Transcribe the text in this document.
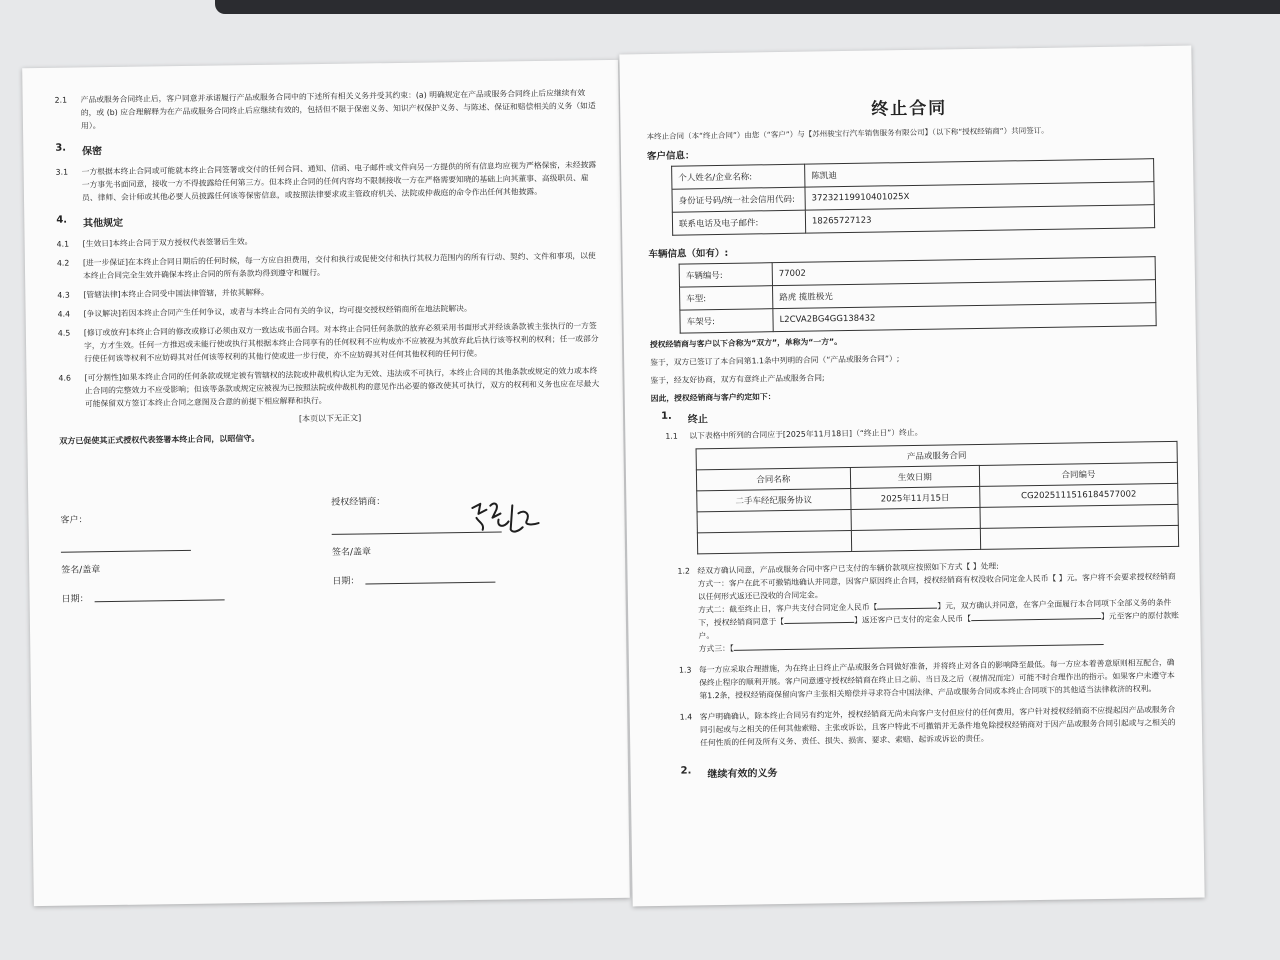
2.1	产品或服务合同终止后，客户同意并承诺履行产品或服务合同中的下述所有相关义务并受其约束：(a) 明确规定在产品或服务合同终止后应继续有效的，或 (b) 应合理解释为在产品或服务合同终止后应继续有效的，包括但不限于保密义务、知识产权保护义务、与陈述、保证和赔偿相关的义务（如适用）。
3. 保密
3.1	一方根据本终止合同或可能就本终止合同签署或交付的任何合同、通知、信函、电子邮件或文件向另一方提供的所有信息均应视为严格保密，未经披露一方事先书面同意，接收一方不得披露给任何第三方。但本终止合同的任何内容均不限制接收一方在严格需要知晓的基础上向其董事、高级职员、雇员、律师、会计师或其他必要人员披露任何该等保密信息，或按照法律要求或主管政府机关、法院或仲裁庭的命令作出任何其他披露。
4. 其他规定
4.1	[生效日]本终止合同于双方授权代表签署后生效。
4.2	[进一步保证]在本终止合同日期后的任何时候，每一方应自担费用，交付和执行或促使交付和执行其权力范围内的所有行动、契约、文件和事项，以使本终止合同完全生效并确保本终止合同的所有条款均得到遵守和履行。
4.3	[管辖法律]本终止合同受中国法律管辖，并依其解释。
4.4	[争议解决]若因本终止合同产生任何争议，或者与本终止合同有关的争议，均可提交授权经销商所在地法院解决。
4.5	[修订或放弃]本终止合同的修改或修订必须由双方一致达成书面合同。对本终止合同任何条款的放弃必须采用书面形式并经该条款被主张执行的一方签字，方才生效。任何一方推迟或未能行使或执行其根据本终止合同享有的任何权利不应构成亦不应被视为其放弃此后执行该等权利的权利；任一或部分行使任何该等权利不应妨碍其对任何该等权利的其他行使或进一步行使，亦不应妨碍其对任何其他权利的任何行使。
4.6	[可分割性]如果本终止合同的任何条款或规定被有管辖权的法院或仲裁机构认定为无效、违法或不可执行，本终止合同的其他条款或规定的效力或本终止合同的完整效力不应受影响；但该等条款或规定应被视为已按照法院或仲裁机构的意见作出必要的修改使其可执行，双方的权利和义务也应在尽最大可能保留双方签订本终止合同之意图及合意的前提下相应解释和执行。
[本页以下无正文]
双方已促使其正式授权代表签署本终止合同，以昭信守。
客户：
签名/盖章
日期：
授权经销商：
签名/盖章
日期：
终止合同
本终止合同（本“终止合同”）由您（“客户”）与【苏州骏宝行汽车销售服务有限公司】（以下称“授权经销商”）共同签订。
客户信息：
个人姓名/企业名称:	陈凯迪
身份证号码/统一社会信用代码:	37232119910401025X
联系电话及电子邮件:	18265727123
车辆信息（如有）:
车辆编号:	77002
车型:	路虎 揽胜极光
车架号:	L2CVA2BG4GG138432
授权经销商与客户以下合称为“双方”，单称为“一方”。
鉴于，双方已签订了本合同第1.1条中列明的合同（“产品或服务合同”）;
鉴于，经友好协商，双方有意终止产品或服务合同;
因此，授权经销商与客户约定如下：
1. 终止
1.1	以下表格中所列的合同应于[2025年11月18日]（“终止日”）终止。
产品或服务合同		
合同名称	生效日期	合同编号
二手车经纪服务协议	2025年11月15日	CG2025111516184577002

1.2 经双方确认同意，产品或服务合同中客户已支付的车辆价款项应按照如下方式【 】处理:
方式一：客户在此不可撤销地确认并同意，因客户原因终止合同，授权经销商有权没收合同定金人民币【 】元。客户将不会要求授权经销商以任何形式返还已没收的合同定金。
方式二：截至终止日，客户共支付合同定金人民币【	】元，双方确认并同意，在客户全面履行本合同项下全部义务的条件下，授权经销商同意于【	】返还客户已支付的定金人民币【	】元至客户的原付款账户。
方式三：【
1.3 每一方应采取合理措施，为在终止日终止产品或服务合同做好准备，并将终止对各自的影响降至最低。每一方应本着善意原则相互配合，确保终止程序的顺利开展。客户同意遵守授权经销商在终止日之前、当日及之后（视情况而定）可能不时合理作出的指示。如果客户未遵守本第1.2条，授权经销商保留向客户主张相关赔偿并寻求符合中国法律、产品或服务合同或本终止合同项下的其他适当法律救济的权利。
1.4 客户明确确认，除本终止合同另有约定外，授权经销商无尚未向客户支付但应付的任何费用，客户针对授权经销商不应提起因产品或服务合同引起或与之相关的任何其他索赔、主张或诉讼，且客户特此不可撤销并无条件地免除授权经销商对于因产品或服务合同引起或与之相关的任何性质的任何及所有义务、责任、损失、损害、要求、索赔、起诉或诉讼的责任。
2. 继续有效的义务
